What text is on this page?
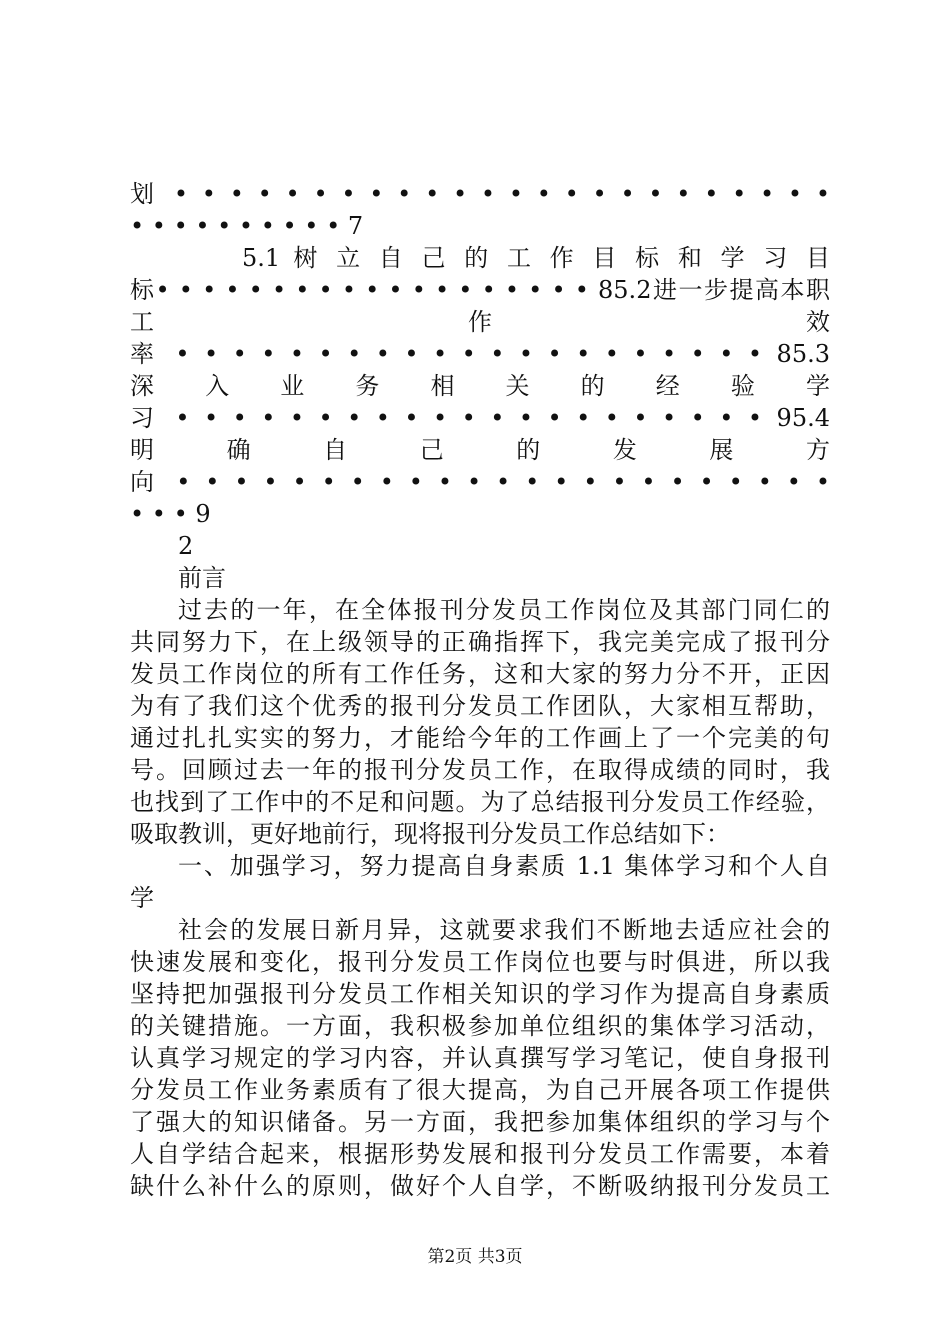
划 • • • • • • • • • • • • • • • • • • • • • • • •
• • • • • • • • • • 7
5.1 树 立 自 己 的 工 作 目 标 和 学 习 目
标• • • • • • • • • • • • • • • • • • • 85.2进一步提高本职
工 作 效
率 • • • • • • • • • • • • • • • • • • • • • 85.3
深 入 业 务 相 关 的 经 验 学
习 • • • • • • • • • • • • • • • • • • • • • 95.4
明 确 自 己 的 发 展 方
向 • • • • • • • • • • • • • • • • • • • • • • •
• • • 9
2
前言
过去的一年，在全体报刊分发员工作岗位及其部门同仁的
共同努力下，在上级领导的正确指挥下，我完美完成了报刊分
发员工作岗位的所有工作任务，这和大家的努力分不开，正因
为有了我们这个优秀的报刊分发员工作团队，大家相互帮助，
通过扎扎实实的努力，才能给今年的工作画上了一个完美的句
号。回顾过去一年的报刊分发员工作，在取得成绩的同时，我
也找到了工作中的不足和问题。为了总结报刊分发员工作经验，
吸取教训，更好地前行，现将报刊分发员工作总结如下：
一、加强学习，努力提高自身素质 1.1 集体学习和个人自
学
社会的发展日新月异，这就要求我们不断地去适应社会的
快速发展和变化，报刊分发员工作岗位也要与时俱进，所以我
坚持把加强报刊分发员工作相关知识的学习作为提高自身素质
的关键措施。一方面，我积极参加单位组织的集体学习活动，
认真学习规定的学习内容，并认真撰写学习笔记，使自身报刊
分发员工作业务素质有了很大提高，为自己开展各项工作提供
了强大的知识储备。另一方面，我把参加集体组织的学习与个
人自学结合起来，根据形势发展和报刊分发员工作需要，本着
缺什么补什么的原则，做好个人自学，不断吸纳报刊分发员工
第2页 共3页
